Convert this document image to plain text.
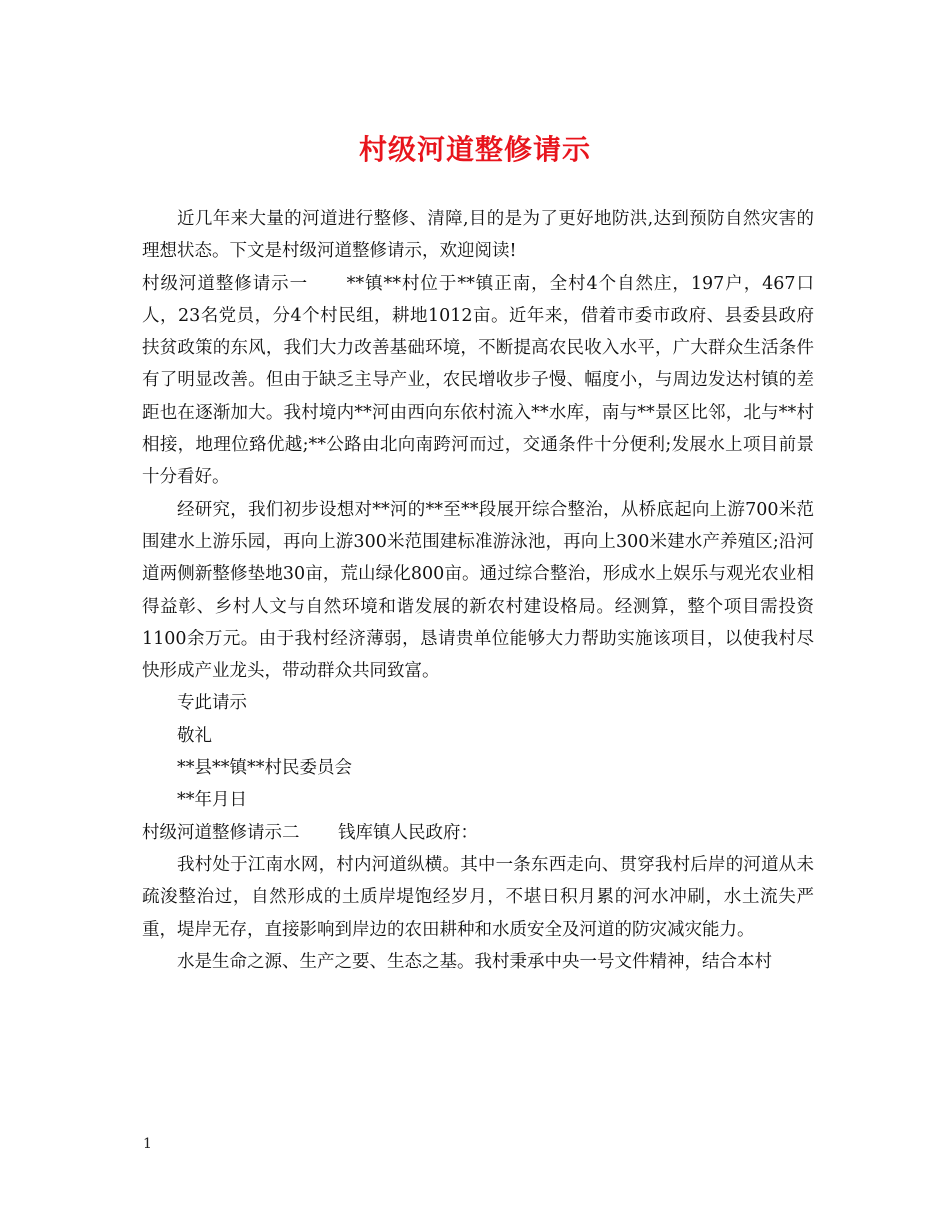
村级河道整修请示

近几年来大量的河道进行整修、清障,目的是为了更好地防洪,达到预防自然灾害的理想状态。下文是村级河道整修请示，欢迎阅读!

村级河道整修请示一 **镇**村位于**镇正南，全村4个自然庄，197户，467口人，23名党员，分4个村民组，耕地1012亩。近年来，借着市委市政府、县委县政府扶贫政策的东风，我们大力改善基础环境，不断提高农民收入水平，广大群众生活条件有了明显改善。但由于缺乏主导产业，农民增收步子慢、幅度小，与周边发达村镇的差距也在逐渐加大。我村境内**河由西向东依村流入**水库，南与**景区比邻，北与**村相接，地理位臵优越;**公路由北向南跨河而过，交通条件十分便利;发展水上项目前景十分看好。

经研究，我们初步设想对**河的**至**段展开综合整治，从桥底起向上游700米范围建水上游乐园，再向上游300米范围建标准游泳池，再向上300米建水产养殖区;沿河道两侧新整修垫地30亩，荒山绿化800亩。通过综合整治，形成水上娱乐与观光农业相得益彰、乡村人文与自然环境和谐发展的新农村建设格局。经测算，整个项目需投资1100余万元。由于我村经济薄弱，恳请贵单位能够大力帮助实施该项目，以使我村尽快形成产业龙头，带动群众共同致富。

专此请示

敬礼

**县**镇**村民委员会

**年月日

村级河道整修请示二 钱库镇人民政府：

我村处于江南水网，村内河道纵横。其中一条东西走向、贯穿我村后岸的河道从未疏浚整治过，自然形成的土质岸堤饱经岁月，不堪日积月累的河水冲刷，水土流失严重，堤岸无存，直接影响到岸边的农田耕种和水质安全及河道的防灾减灾能力。

水是生命之源、生产之要、生态之基。我村秉承中央一号文件精神，结合本村

1
